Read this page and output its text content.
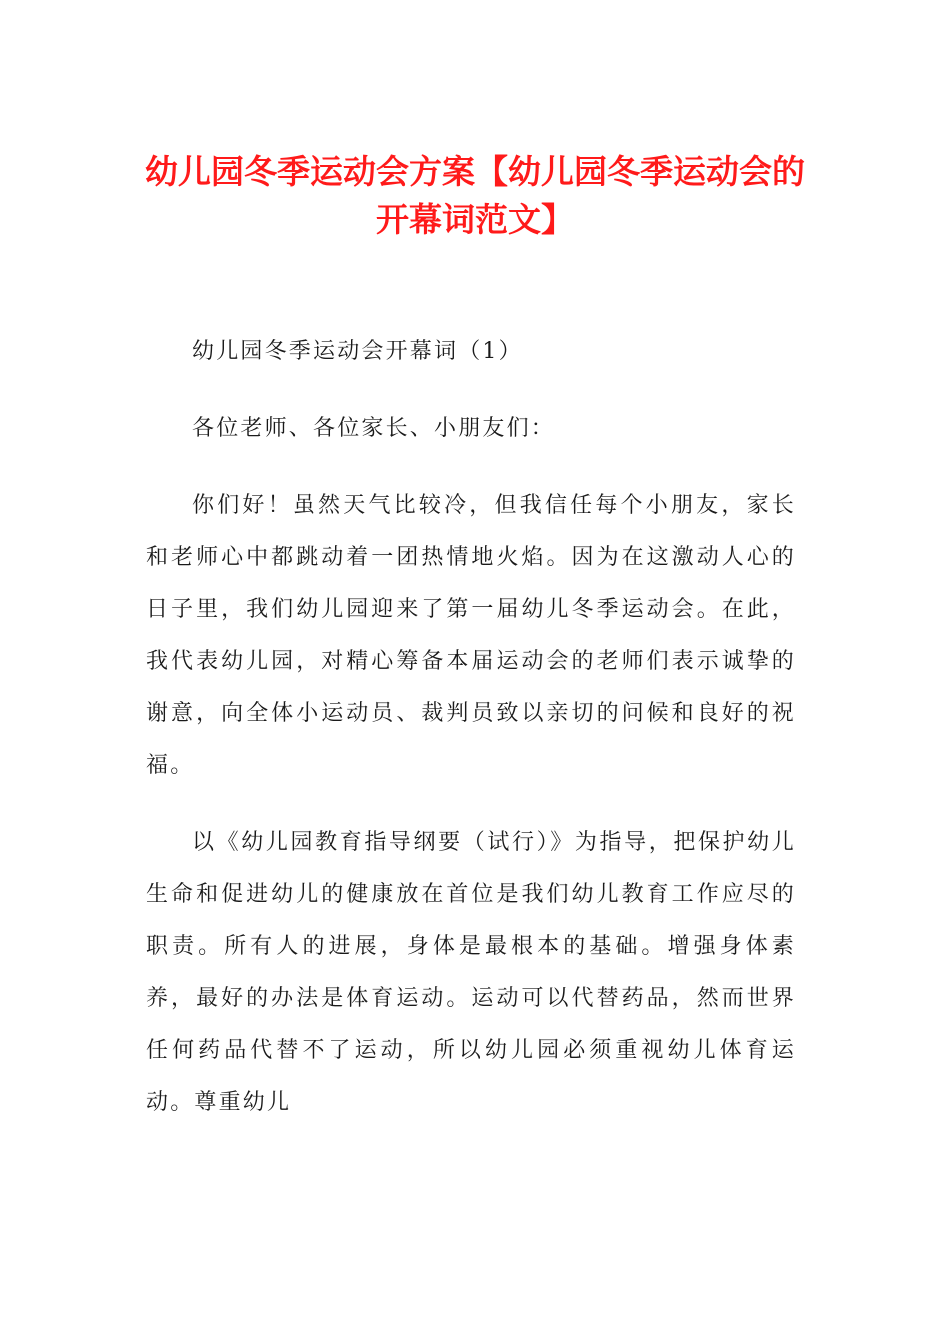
幼儿园冬季运动会方案【幼儿园冬季运动会的开幕词范文】

幼儿园冬季运动会开幕词（1）

各位老师、各位家长、小朋友们：

你们好！虽然天气比较冷，但我信任每个小朋友，家长和老师心中都跳动着一团热情地火焰。因为在这激动人心的日子里，我们幼儿园迎来了第一届幼儿冬季运动会。在此，我代表幼儿园，对精心筹备本届运动会的老师们表示诚挚的谢意，向全体小运动员、裁判员致以亲切的问候和良好的祝福。

以《幼儿园教育指导纲要（试行）》为指导，把保护幼儿生命和促进幼儿的健康放在首位是我们幼儿教育工作应尽的职责。所有人的进展，身体是最根本的基础。增强身体素养，最好的办法是体育运动。运动可以代替药品，然而世界任何药品代替不了运动，所以幼儿园必须重视幼儿体育运动。尊重幼儿
